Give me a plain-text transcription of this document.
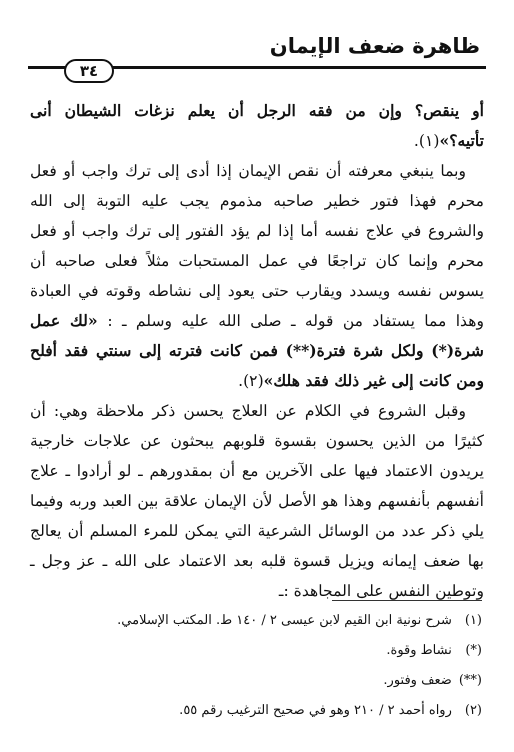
ظاهرة ضعف الإيمان
٣٤

أو ينقص؟ وإن من فقه الرجل أن يعلم نزغات الشيطان أنى تأتيه؟»(١).

وبما ينبغي معرفته أن نقص الإيمان إذا أدى إلى ترك واجب أو فعل محرم فهذا فتور خطير صاحبه مذموم يجب عليه التوبة إلى الله والشروع في علاج نفسه أما إذا لم يؤد الفتور إلى ترك واجب أو فعل محرم وإنما كان تراجعًا في عمل المستحبات مثلاً فعلى صاحبه أن يسوس نفسه ويسدد ويقارب حتى يعود إلى نشاطه وقوته في العبادة وهذا مما يستفاد من قوله ـ صلى الله عليه وسلم ـ : «لك عمل شرة(*) ولكل شرة فترة(**) فمن كانت فترته إلى سنتي فقد أفلح ومن كانت إلى غير ذلك فقد هلك»(٢).

وقبل الشروع في الكلام عن العلاج يحسن ذكر ملاحظة وهي: أن كثيرًا من الذين يحسون بقسوة قلوبهم يبحثون عن علاجات خارجية يريدون الاعتماد فيها على الآخرين مع أن بمقدورهم ـ لو أرادوا ـ علاج أنفسهم بأنفسهم وهذا هو الأصل لأن الإيمان علاقة بين العبد وربه وفيما يلي ذكر عدد من الوسائل الشرعية التي يمكن للمرء المسلم أن يعالج بها ضعف إيمانه ويزيل قسوة قلبه بعد الاعتماد على الله ـ عز وجل ـ وتوطين النفس على المجاهدة :ـ

(١) شرح نونية ابن القيم لابن عيسى ٢ / ١٤٠ ط. المكتب الإسلامي.

(*) نشاط وقوة.

(**) ضعف وفتور.

(٢) رواه أحمد ٢ / ٢١٠ وهو في صحيح الترغيب رقم ٥٥.
